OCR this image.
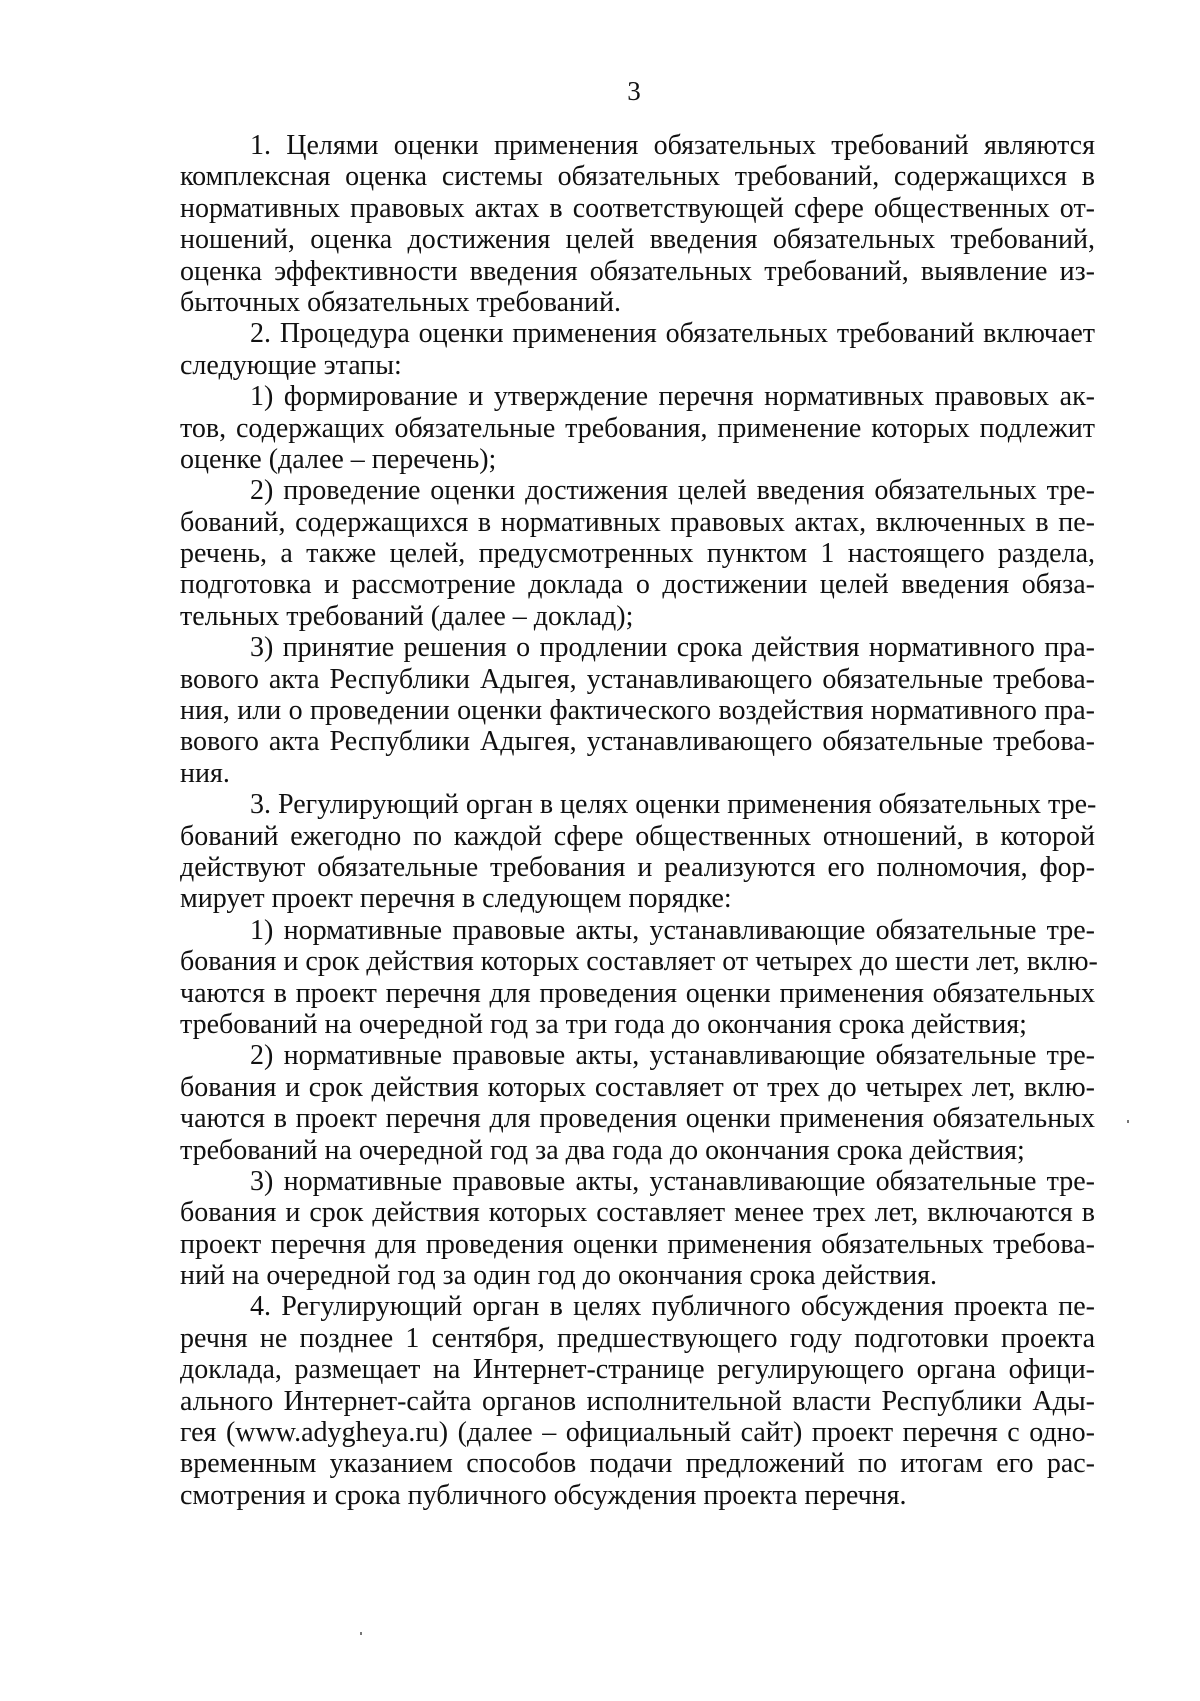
3
1. Целями оценки применения обязательных требований являются
комплексная оценка системы обязательных требований, содержащихся в
нормативных правовых актах в соответствующей сфере общественных от-
ношений, оценка достижения целей введения обязательных требований,
оценка эффективности введения обязательных требований, выявление из-
быточных обязательных требований.
2. Процедура оценки применения обязательных требований включает
следующие этапы:
1) формирование и утверждение перечня нормативных правовых ак-
тов, содержащих обязательные требования, применение которых подлежит
оценке (далее – перечень);
2) проведение оценки достижения целей введения обязательных тре-
бований, содержащихся в нормативных правовых актах, включенных в пе-
речень, а также целей, предусмотренных пунктом 1 настоящего раздела,
подготовка и рассмотрение доклада о достижении целей введения обяза-
тельных требований (далее – доклад);
3) принятие решения о продлении срока действия нормативного пра-
вового акта Республики Адыгея, устанавливающего обязательные требова-
ния, или о проведении оценки фактического воздействия нормативного пра-
вового акта Республики Адыгея, устанавливающего обязательные требова-
ния.
3. Регулирующий орган в целях оценки применения обязательных тре-
бований ежегодно по каждой сфере общественных отношений, в которой
действуют обязательные требования и реализуются его полномочия, фор-
мирует проект перечня в следующем порядке:
1) нормативные правовые акты, устанавливающие обязательные тре-
бования и срок действия которых составляет от четырех до шести лет, вклю-
чаются в проект перечня для проведения оценки применения обязательных
требований на очередной год за три года до окончания срока действия;
2) нормативные правовые акты, устанавливающие обязательные тре-
бования и срок действия которых составляет от трех до четырех лет, вклю-
чаются в проект перечня для проведения оценки применения обязательных
требований на очередной год за два года до окончания срока действия;
3) нормативные правовые акты, устанавливающие обязательные тре-
бования и срок действия которых составляет менее трех лет, включаются в
проект перечня для проведения оценки применения обязательных требова-
ний на очередной год за один год до окончания срока действия.
4. Регулирующий орган в целях публичного обсуждения проекта пе-
речня не позднее 1 сентября, предшествующего году подготовки проекта
доклада, размещает на Интернет-странице регулирующего органа офици-
ального Интернет-сайта органов исполнительной власти Республики Ады-
гея (www.adygheya.ru) (далее – официальный сайт) проект перечня с одно-
временным указанием способов подачи предложений по итогам его рас-
смотрения и срока публичного обсуждения проекта перечня.
